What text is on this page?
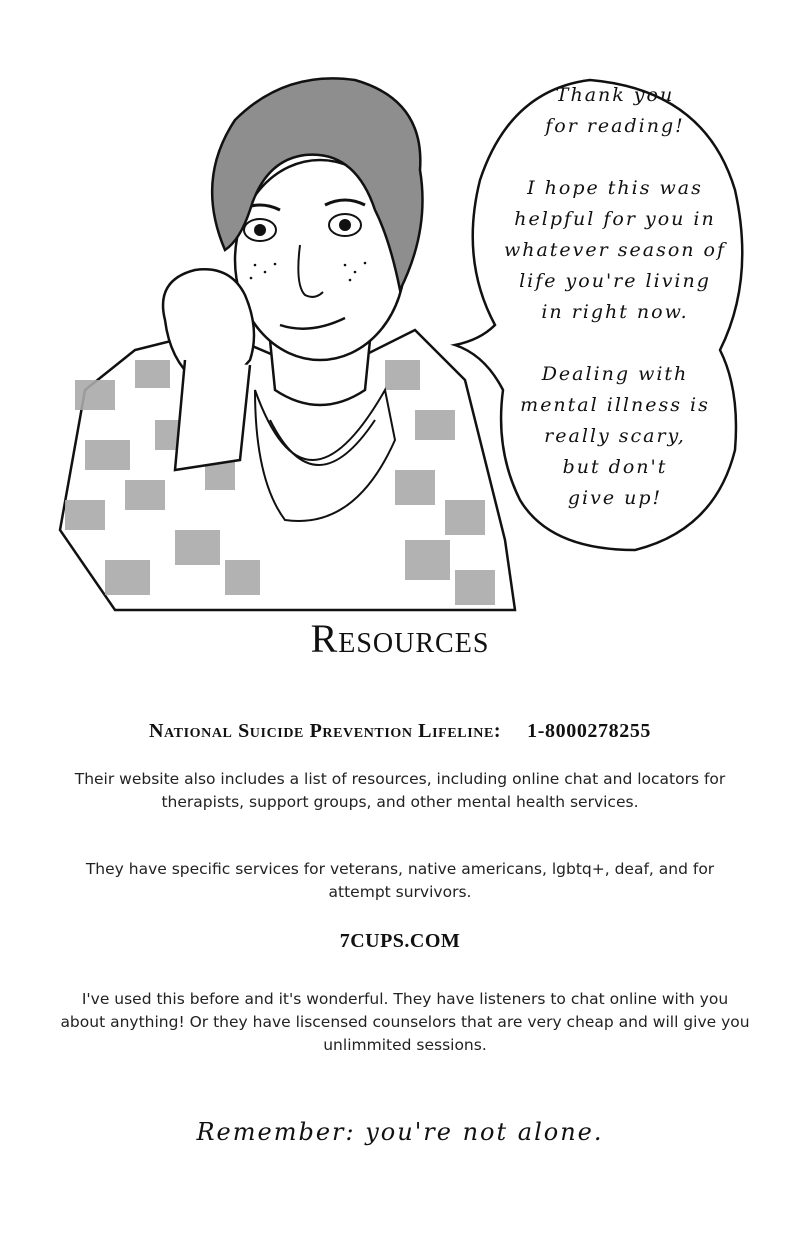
Thank you

for reading!

I hope this was

helpful for you in

whatever season of

life you're living

in right now.

Dealing with

mental illness is

really scary,

but don't

give up!

Resources
National Suicide Prevention Lifeline: 1-8000278255
Their website also includes a list of resources, including online chat and locators for therapists, support groups, and other mental health services.
They have specific services for veterans, native americans, lgbtq+, deaf, and for attempt survivors.
7CUPS.COM
I've used this before and it's wonderful. They have listeners to chat online with you about anything! Or they have liscensed counselors that are very cheap and will give you unlimmited sessions.
Remember: you're not alone.
